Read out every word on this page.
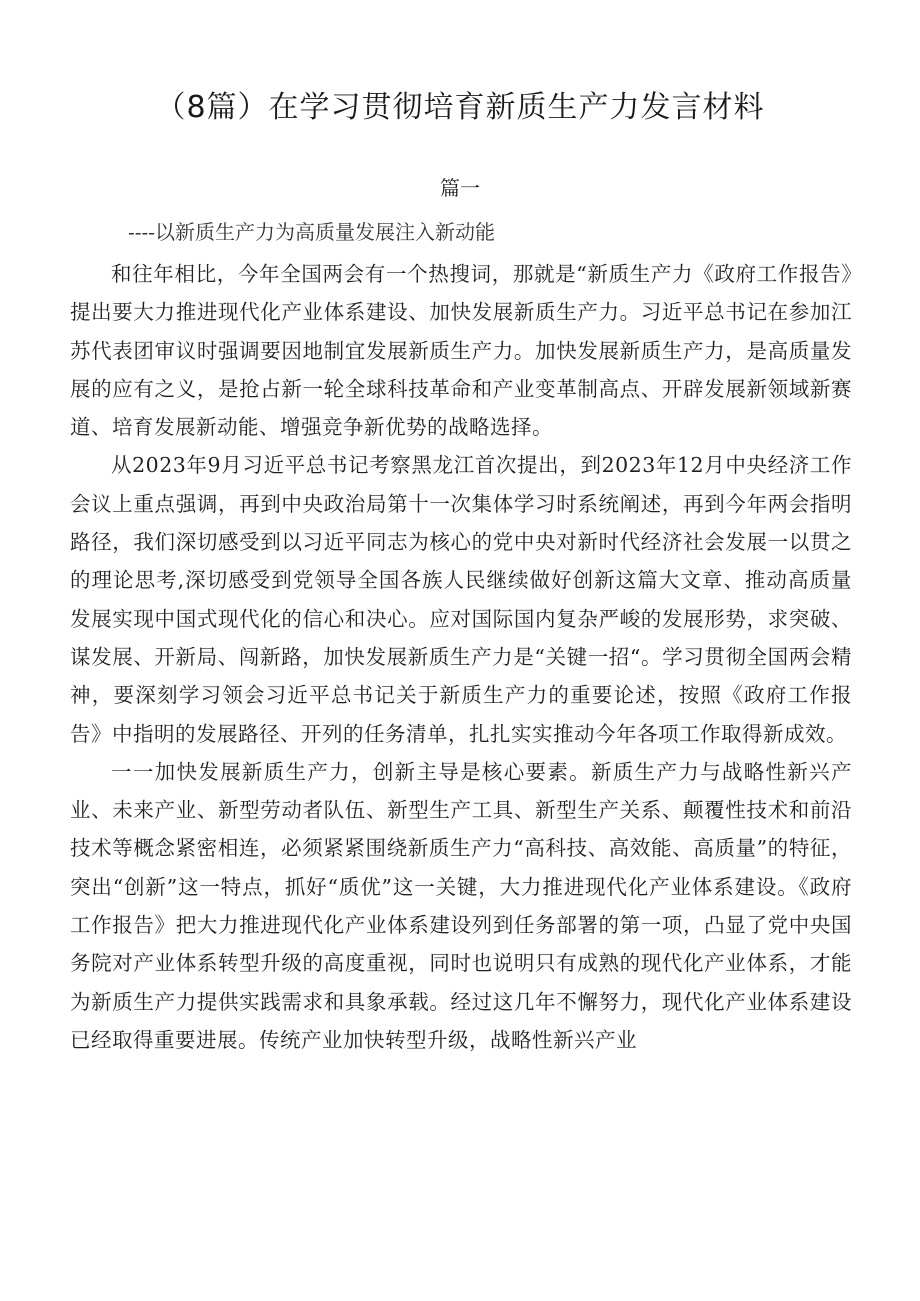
（8篇）在学习贯彻培育新质生产力发言材料
篇一
----以新质生产力为高质量发展注入新动能

和往年相比，今年全国两会有一个热搜词，那就是“新质生产力《政府工作报告》提出要大力推进现代化产业体系建设、加快发展新质生产力。习近平总书记在参加江苏代表团审议时强调要因地制宜发展新质生产力。加快发展新质生产力，是高质量发展的应有之义，是抢占新一轮全球科技革命和产业变革制高点、开辟发展新领域新赛道、培育发展新动能、增强竞争新优势的战略选择。

从2023年9月习近平总书记考察黑龙江首次提出，到2023年12月中央经济工作会议上重点强调，再到中央政治局第十一次集体学习时系统阐述，再到今年两会指明路径，我们深切感受到以习近平同志为核心的党中央对新时代经济社会发展一以贯之的理论思考,深切感受到党领导全国各族人民继续做好创新这篇大文章、推动高质量发展实现中国式现代化的信心和决心。应对国际国内复杂严峻的发展形势，求突破、谋发展、开新局、闯新路，加快发展新质生产力是“关键一招“。学习贯彻全国两会精神，要深刻学习领会习近平总书记关于新质生产力的重要论述，按照《政府工作报告》中指明的发展路径、开列的任务清单，扎扎实实推动今年各项工作取得新成效。

一一加快发展新质生产力，创新主导是核心要素。新质生产力与战略性新兴产业、未来产业、新型劳动者队伍、新型生产工具、新型生产关系、颠覆性技术和前沿技术等概念紧密相连，必须紧紧围绕新质生产力“高科技、高效能、高质量”的特征，突出“创新”这一特点，抓好“质优”这一关键，大力推进现代化产业体系建设。《政府工作报告》把大力推进现代化产业体系建设列到任务部署的第一项，凸显了党中央国务院对产业体系转型升级的高度重视，同时也说明只有成熟的现代化产业体系，才能为新质生产力提供实践需求和具象承载。经过这几年不懈努力，现代化产业体系建设已经取得重要进展。传统产业加快转型升级，战略性新兴产业
